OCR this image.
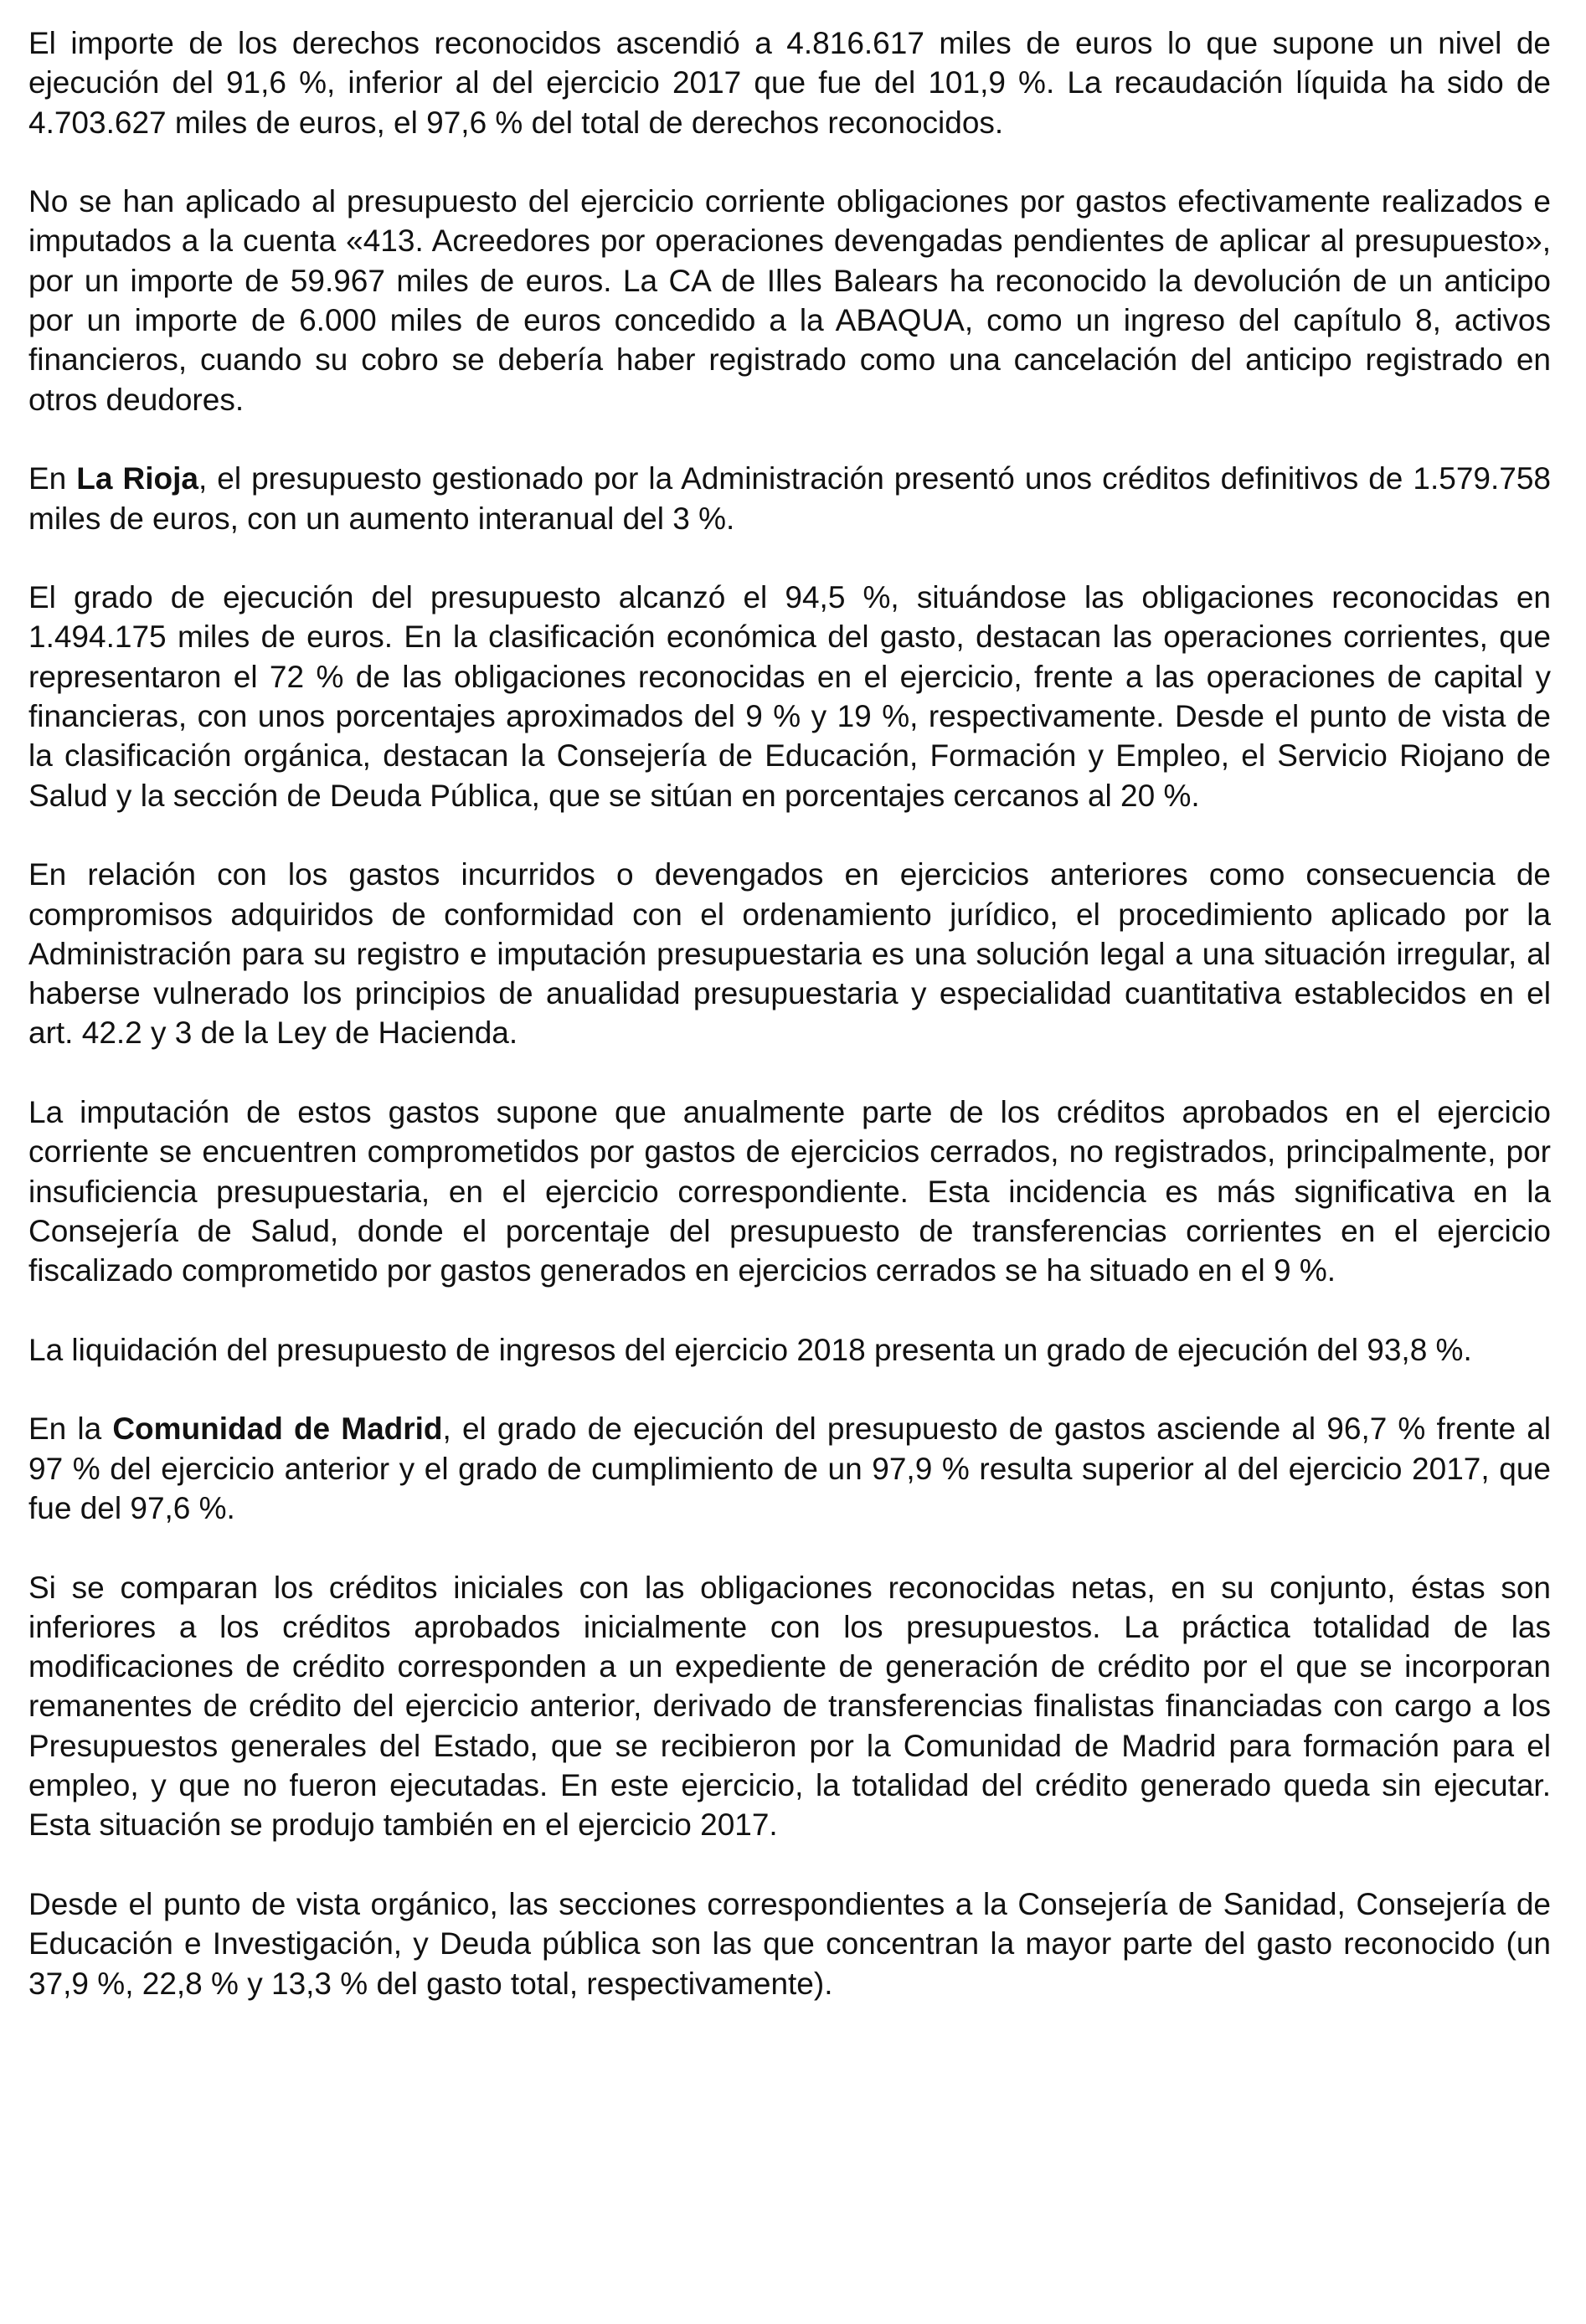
El importe de los derechos reconocidos ascendió a 4.816.617 miles de euros lo que supone un nivel de ejecución del 91,6 %, inferior al del ejercicio 2017 que fue del 101,9 %. La recaudación líquida ha sido de 4.703.627 miles de euros, el 97,6 % del total de derechos reconocidos.

No se han aplicado al presupuesto del ejercicio corriente obligaciones por gastos efectivamente realizados e imputados a la cuenta «413. Acreedores por operaciones devengadas pendientes de aplicar al presupuesto», por un importe de 59.967 miles de euros. La CA de Illes Balears ha reconocido la devolución de un anticipo por un importe de 6.000 miles de euros concedido a la ABAQUA, como un ingreso del capítulo 8, activos financieros, cuando su cobro se debería haber registrado como una cancelación del anticipo registrado en otros deudores.

En La Rioja, el presupuesto gestionado por la Administración presentó unos créditos definitivos de 1.579.758 miles de euros, con un aumento interanual del 3 %.

El grado de ejecución del presupuesto alcanzó el 94,5 %, situándose las obligaciones reconocidas en 1.494.175 miles de euros. En la clasificación económica del gasto, destacan las operaciones corrientes, que representaron el 72 % de las obligaciones reconocidas en el ejercicio, frente a las operaciones de capital y financieras, con unos porcentajes aproximados del 9 % y 19 %, respectivamente. Desde el punto de vista de la clasificación orgánica, destacan la Consejería de Educación, Formación y Empleo, el Servicio Riojano de Salud y la sección de Deuda Pública, que se sitúan en porcentajes cercanos al 20 %.

En relación con los gastos incurridos o devengados en ejercicios anteriores como consecuencia de compromisos adquiridos de conformidad con el ordenamiento jurídico, el procedimiento aplicado por la Administración para su registro e imputación presupuestaria es una solución legal a una situación irregular, al haberse vulnerado los principios de anualidad presupuestaria y especialidad cuantitativa establecidos en el art. 42.2 y 3 de la Ley de Hacienda.

La imputación de estos gastos supone que anualmente parte de los créditos aprobados en el ejercicio corriente se encuentren comprometidos por gastos de ejercicios cerrados, no registrados, principalmente, por insuficiencia presupuestaria, en el ejercicio correspondiente. Esta incidencia es más significativa en la Consejería de Salud, donde el porcentaje del presupuesto de transferencias corrientes en el ejercicio fiscalizado comprometido por gastos generados en ejercicios cerrados se ha situado en el 9 %.

La liquidación del presupuesto de ingresos del ejercicio 2018 presenta un grado de ejecución del 93,8 %.

En la Comunidad de Madrid, el grado de ejecución del presupuesto de gastos asciende al 96,7 % frente al 97 % del ejercicio anterior y el grado de cumplimiento de un 97,9 % resulta superior al del ejercicio 2017, que fue del 97,6 %.

Si se comparan los créditos iniciales con las obligaciones reconocidas netas, en su conjunto, éstas son inferiores a los créditos aprobados inicialmente con los presupuestos. La práctica totalidad de las modificaciones de crédito corresponden a un expediente de generación de crédito por el que se incorporan remanentes de crédito del ejercicio anterior, derivado de transferencias finalistas financiadas con cargo a los Presupuestos generales del Estado, que se recibieron por la Comunidad de Madrid para formación para el empleo, y que no fueron ejecutadas. En este ejercicio, la totalidad del crédito generado queda sin ejecutar. Esta situación se produjo también en el ejercicio 2017.

Desde el punto de vista orgánico, las secciones correspondientes a la Consejería de Sanidad, Consejería de Educación e Investigación, y Deuda pública son las que concentran la mayor parte del gasto reconocido (un 37,9 %, 22,8 % y 13,3 % del gasto total, respectivamente).
